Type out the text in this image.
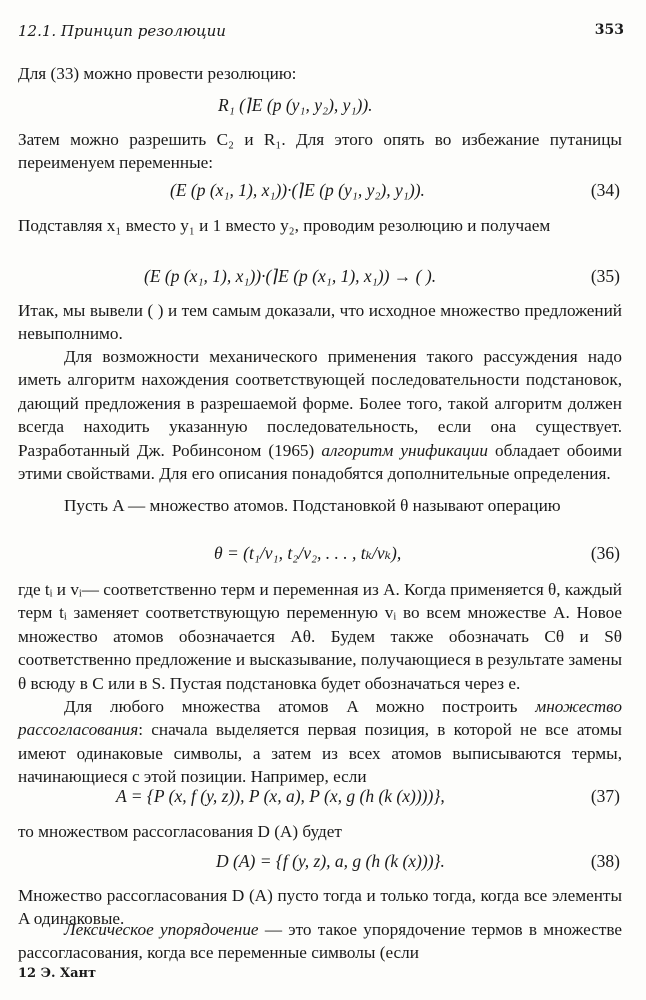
12.1. Принцип резолюции	353
Для (33) можно провести резолюцию:
R₁ (⌉E (p (y₁, y₂), y₁)).
Затем можно разрешить C₂ и R₁. Для этого опять во избежание путаницы переименуем переменные:
(E (p (x₁, 1), x₁))·(⌉E (p (y₁, y₂), y₁)).	(34)
Подставляя x₁ вместо y₁ и 1 вместо y₂, проводим резолюцию и получаем
(E (p (x₁, 1), x₁))·(⌉E (p (x₁, 1), x₁)) → ( ).	(35)
Итак, мы вывели ( ) и тем самым доказали, что исходное множество предложений невыполнимо.
Для возможности механического применения такого рассуждения надо иметь алгоритм нахождения соответствующей последовательности подстановок, дающий предложения в разрешаемой форме. Более того, такой алгоритм должен всегда находить указанную последовательность, если она существует. Разработанный Дж. Робинсоном (1965) алгоритм унификации обладает обоими этими свойствами. Для его описания понадобятся дополнительные определения.
Пусть A — множество атомов. Подстановкой θ называют операцию
θ = (t₁/v₁, t₂/v₂, . . . , tₖ/vₖ),	(36)
где tᵢ и vᵢ— соответственно терм и переменная из A. Когда применяется θ, каждый терм tᵢ заменяет соответствующую переменную vᵢ во всем множестве A. Новое множество атомов обозначается Aθ. Будем также обозначать Cθ и Sθ соответственно предложение и высказывание, получающиеся в результате замены θ всюду в C или в S. Пустая подстановка будет обозначаться через e.
Для любого множества атомов A можно построить множество рассогласования: сначала выделяется первая позиция, в которой не все атомы имеют одинаковые символы, а затем из всех атомов выписываются термы, начинающиеся с этой позиции. Например, если
A = {P (x, f (y, z)), P (x, a), P (x, g (h (k (x))))},	(37)
то множеством рассогласования D (A) будет
D (A) = {f (y, z), a, g (h (k (x)))}.	(38)
Множество рассогласования D (A) пусто тогда и только тогда, когда все элементы A одинаковые.
Лексическое упорядочение — это такое упорядочение термов в множестве рассогласования, когда все переменные символы (если
12 Э. Хант
